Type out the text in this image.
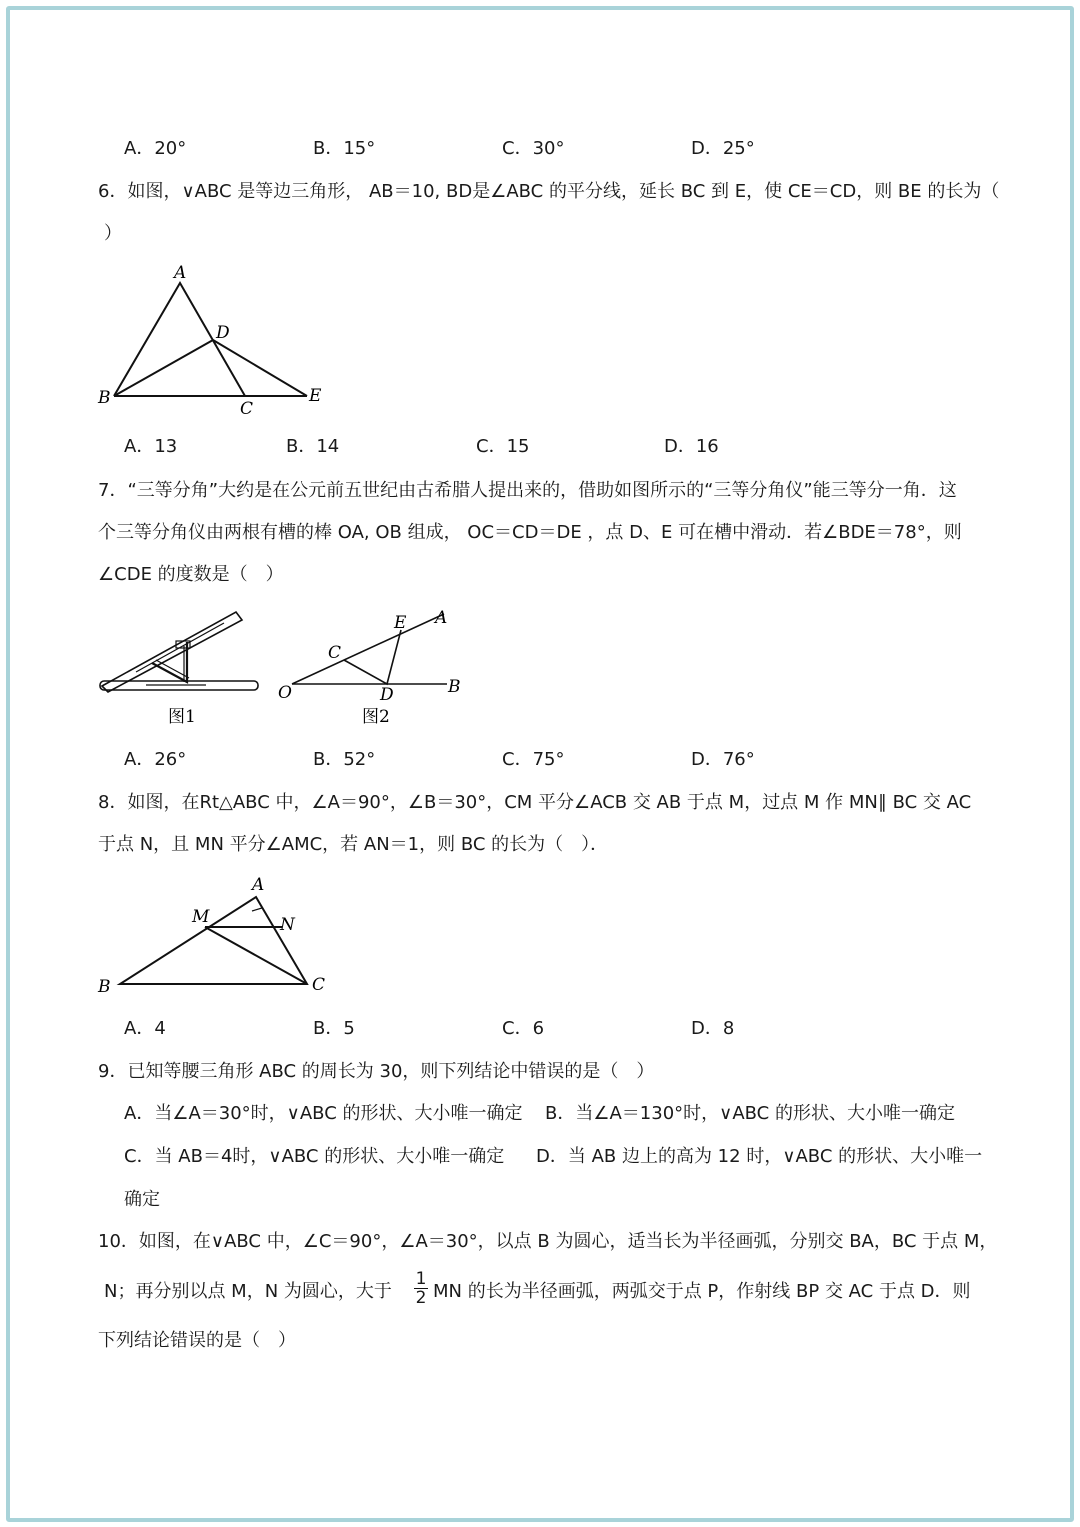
A．20°	B．15°	C．30°	D．25°
6．如图，∨ABC 是等边三角形， AB＝10, BD是∠ABC 的平分线，延长 BC 到 E，使 CE＝CD，则 BE 的长为（
）
A
B
C
D
E
A．13	B．14	C．15	D．16
7．“三等分角”大约是在公元前五世纪由古希腊人提出来的，借助如图所示的“三等分角仪”能三等分一角．这
个三等分角仪由两根有槽的棒 OA, OB 组成， OC＝CD＝DE ，点 D、E 可在槽中滑动．若∠BDE＝78°，则
∠CDE 的度数是（　）
图1
O
C
E A
D	B
图2
A．26°	B．52°	C．75°	D．76°
8．如图，在Rt△ABC 中，∠A＝90°，∠B＝30°，CM 平分∠ACB 交 AB 于点 M，过点 M 作 MN∥ BC 交 AC
于点 N，且 MN 平分∠AMC，若 AN＝1，则 BC 的长为（　）．
A
M	N
B	C
A．4	B．5	C．6	D．8
9．已知等腰三角形 ABC 的周长为 30，则下列结论中错误的是（　）
A．当∠A＝30°时，∨ABC 的形状、大小唯一确定 B．当∠A＝130°时，∨ABC 的形状、大小唯一确定
C．当 AB＝4时，∨ABC 的形状、大小唯一确定 D．当 AB 边上的高为 12 时，∨ABC 的形状、大小唯一
确定
10．如图，在∨ABC 中，∠C＝90°，∠A＝30°，以点 B 为圆心，适当长为半径画弧，分别交 BA，BC 于点 M，
N；再分别以点 M，N 为圆心，大于 $\frac{1}{2}$ MN 的长为半径画弧，两弧交于点 P，作射线 BP 交 AC 于点 D．则
下列结论错误的是（　）
